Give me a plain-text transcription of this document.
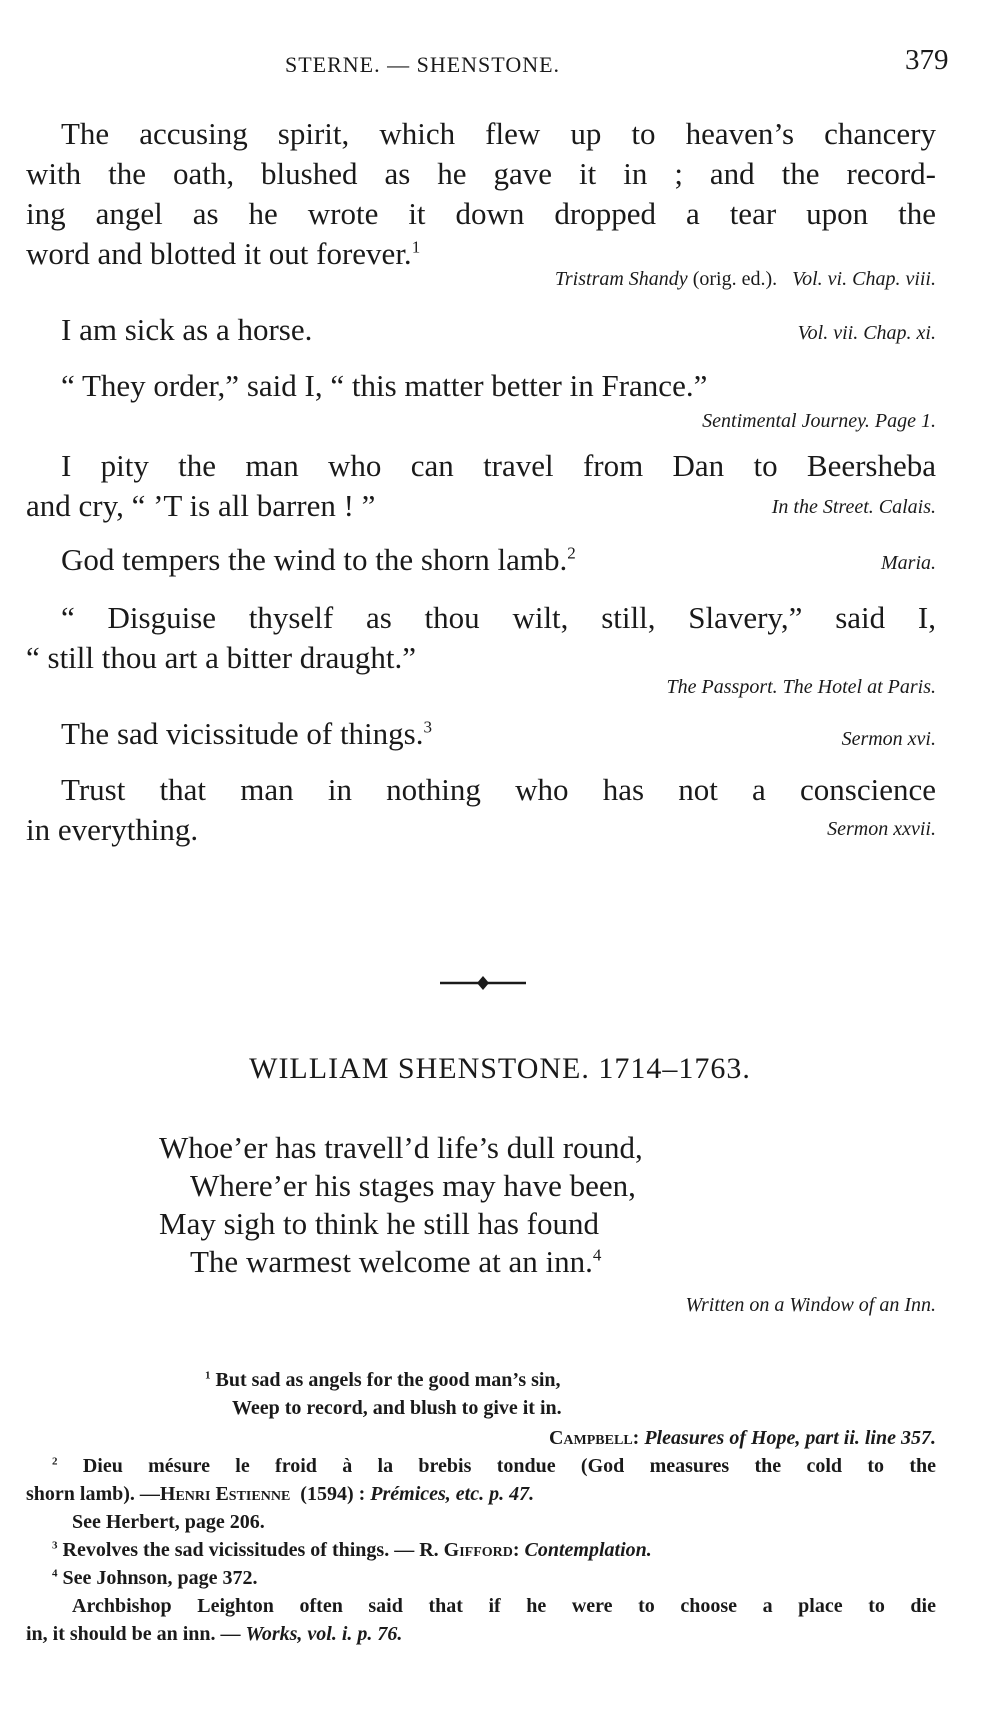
STERNE. — SHENSTONE.	379
The accusing spirit, which flew up to heaven’s chancery
with the oath, blushed as he gave it in ; and the record-
ing angel as he wrote it down dropped a tear upon the
word and blotted it out forever.$^1$
Tristram Shandy (orig. ed.). Vol. vi. Chap. viii.
I am sick as a horse.	Vol. vii. Chap. xi.
“ They order,” said I, “ this matter better in France.”
Sentimental Journey. Page 1.
I pity the man who can travel from Dan to Beersheba
and cry, “ ’T is all barren ! ”	In the Street. Calais.
God tempers the wind to the shorn lamb.$^2$	Maria.
“ Disguise thyself as thou wilt, still, Slavery,” said I,
“ still thou art a bitter draught.”
The Passport. The Hotel at Paris.
The sad vicissitude of things.$^3$
Sermon xvi.
Trust that man in nothing who has not a conscience
in everything.	Sermon xxvii.
WILLIAM SHENSTONE. 1714–1763.
Whoe’er has travell’d life’s dull round,
Where’er his stages may have been,
May sigh to think he still has found
The warmest welcome at an inn.$^4$
Written on a Window of an Inn.
$^1$ But sad as angels for the good man’s sin,
Weep to record, and blush to give it in.
Campbell: Pleasures of Hope, part ii. line 357.
$^2$ Dieu mésure le froid à la brebis tondue (God measures the cold to the
shorn lamb). —Henri Estienne (1594) : Prémices, etc. p. 47.
See Herbert, page 206.
$^3$ Revolves the sad vicissitudes of things. — R. Gifford: Contemplation.
$^4$ See Johnson, page 372.
Archbishop Leighton often said that if he were to choose a place to die
in, it should be an inn. — Works, vol. i. p. 76.
